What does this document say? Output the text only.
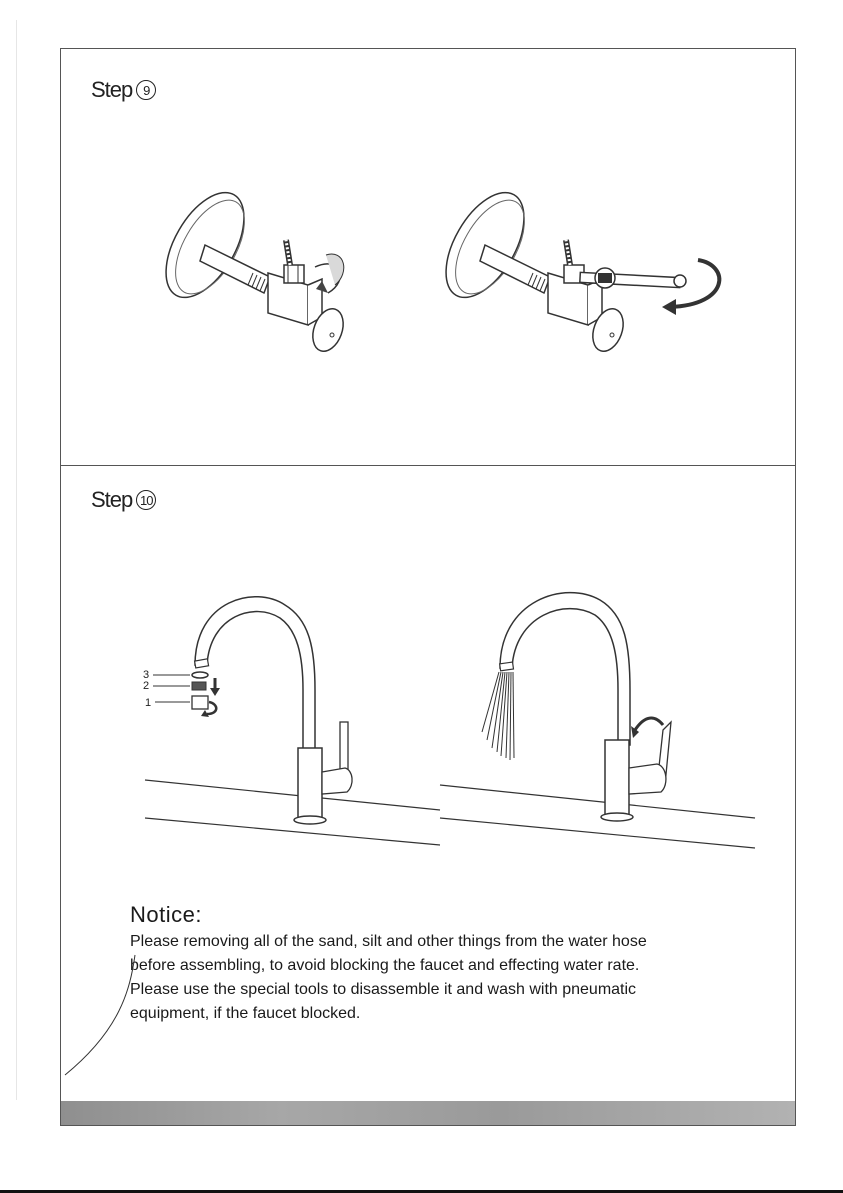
Step 9
Step 10
3
2
1
Notice:
Please removing all of the sand, silt and other things from the water hose
before assembling, to avoid blocking the faucet and effecting water rate.
Please use the special tools to disassemble it and wash with pneumatic
equipment, if the faucet blocked.
